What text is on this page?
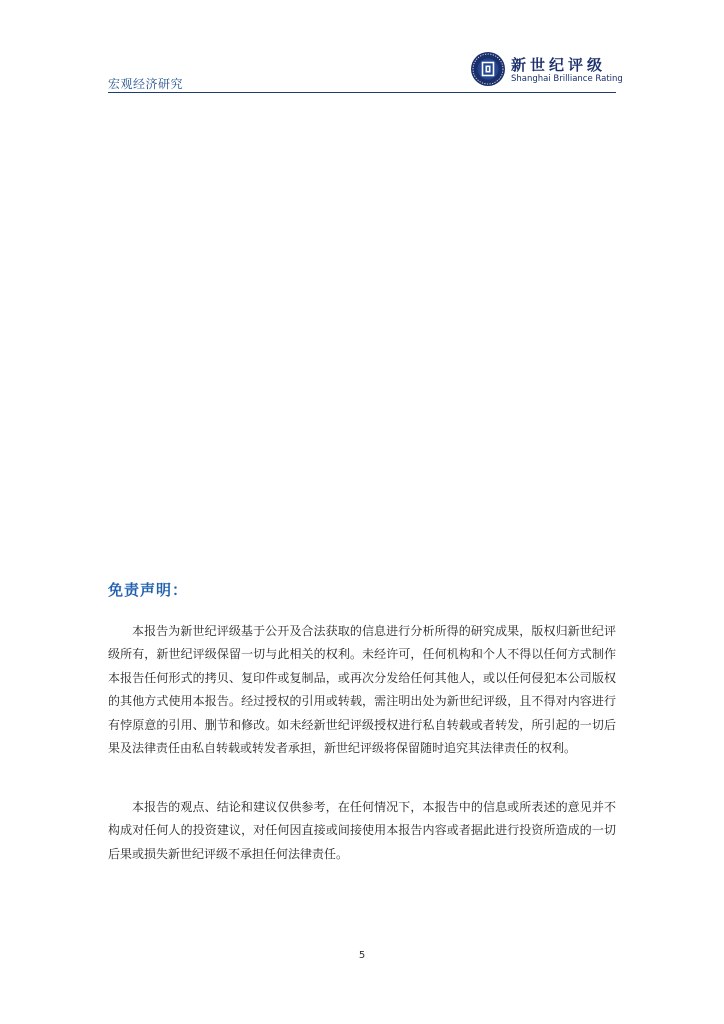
宏观经济研究
新世纪评级
Shanghai Brilliance Rating
免责声明：

本报告为新世纪评级基于公开及合法获取的信息进行分析所得的研究成果，版权归新世纪评级所有，新世纪评级保留一切与此相关的权利。未经许可，任何机构和个人不得以任何方式制作本报告任何形式的拷贝、复印件或复制品，或再次分发给任何其他人，或以任何侵犯本公司版权的其他方式使用本报告。经过授权的引用或转载，需注明出处为新世纪评级，且不得对内容进行有悖原意的引用、删节和修改。如未经新世纪评级授权进行私自转载或者转发，所引起的一切后果及法律责任由私自转载或转发者承担，新世纪评级将保留随时追究其法律责任的权利。

本报告的观点、结论和建议仅供参考，在任何情况下，本报告中的信息或所表述的意见并不构成对任何人的投资建议，对任何因直接或间接使用本报告内容或者据此进行投资所造成的一切后果或损失新世纪评级不承担任何法律责任。

5
